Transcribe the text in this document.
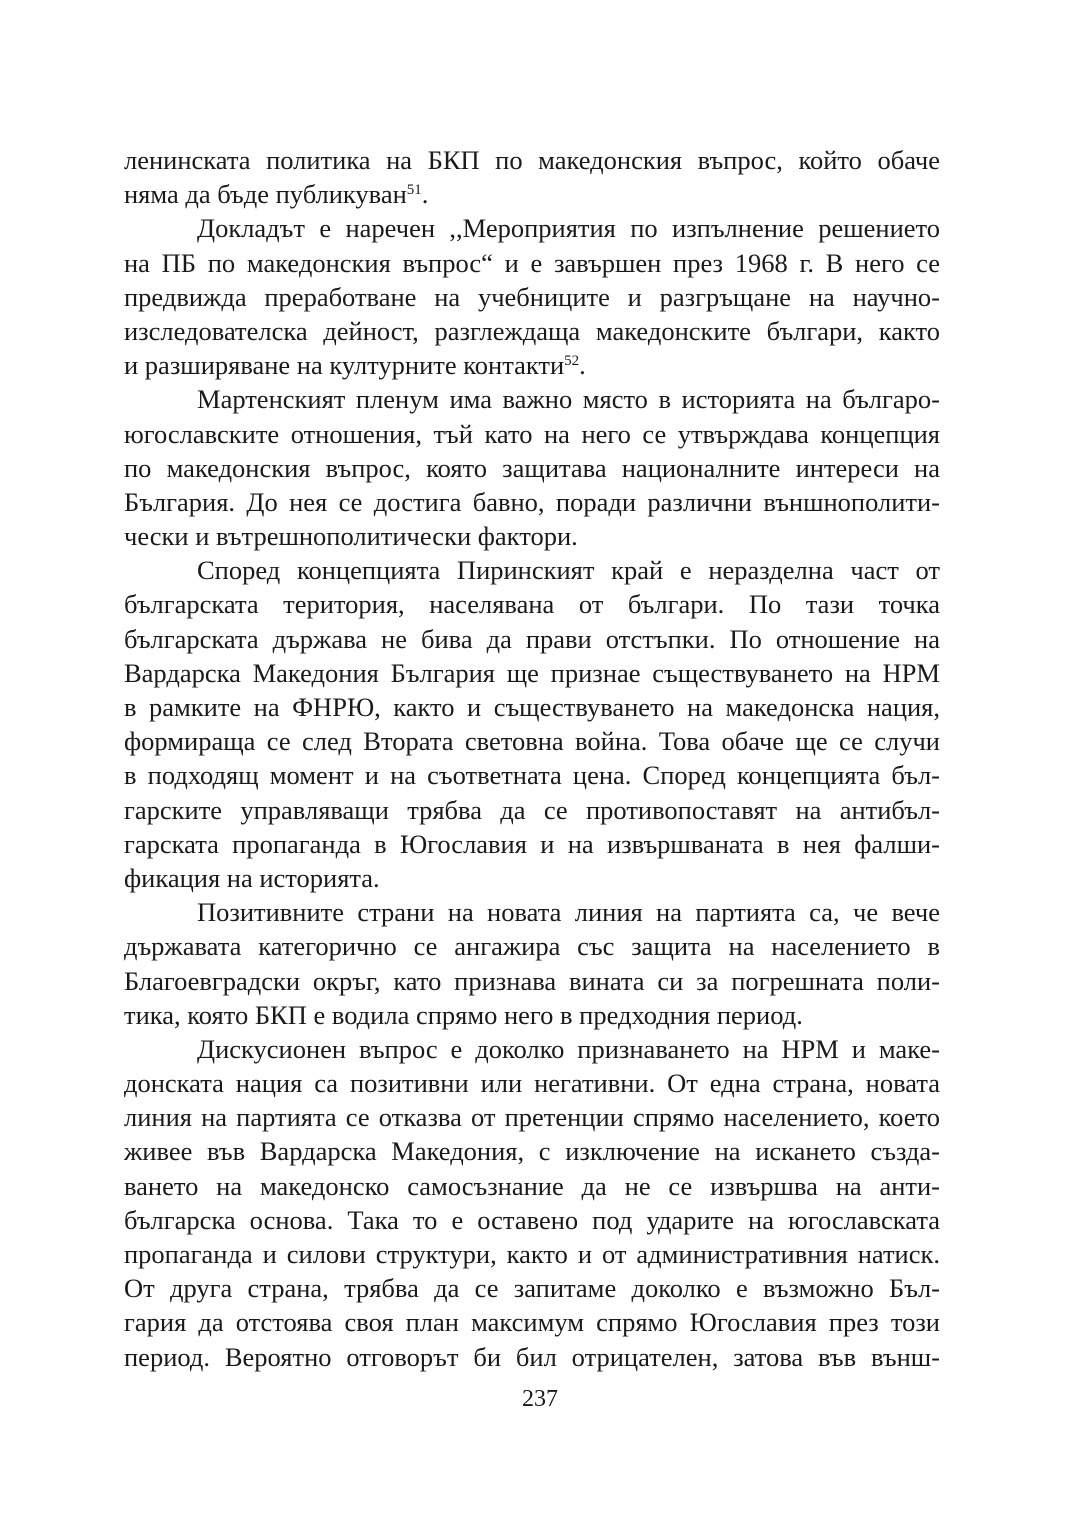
ленинската политика на БКП по македонския въпрос, който обаче
няма да бъде публикуван$^{51}$.
Докладът е наречен ,,Мероприятия по изпълнение решението
на ПБ по македонския въпрос“ и е завършен през 1968 г. В него се
предвижда преработване на учебниците и разгръщане на научно-
изследователска дейност, разглеждаща македонските българи, както
и разширяване на културните контакти$^{52}$.
Мартенският пленум има важно място в историята на българо-
югославските отношения, тъй като на него се утвърждава концепция
по македонския въпрос, която защитава националните интереси на
България. До нея се достига бавно, поради различни външнополити-
чески и вътрешнополитически фактори.
Според концепцията Пиринският край е неразделна част от
българската територия, населявана от българи. По тази точка
българската държава не бива да прави отстъпки. По отношение на
Вардарска Македония България ще признае съществуването на НРМ
в рамките на ФНРЮ, както и съществуването на македонска нация,
формираща се след Втората световна война. Това обаче ще се случи
в подходящ момент и на съответната цена. Според концепцията бъл-
гарските управляващи трябва да се противопоставят на антибъл-
гарската пропаганда в Югославия и на извършваната в нея фалши-
фикация на историята.
Позитивните страни на новата линия на партията са, че вече
държавата категорично се ангажира със защита на населението в
Благоевградски окръг, като признава вината си за погрешната поли-
тика, която БКП е водила спрямо него в предходния период.
Дискусионен въпрос е доколко признаването на НРМ и маке-
донската нация са позитивни или негативни. От една страна, новата
линия на партията се отказва от претенции спрямо населението, което
живее във Вардарска Македония, с изключение на искането създа-
ването на македонско самосъзнание да не се извършва на анти-
българска основа. Така то е оставено под ударите на югославската
пропаганда и силови структури, както и от административния натиск.
От друга страна, трябва да се запитаме доколко е възможно Бъл-
гария да отстоява своя план максимум спрямо Югославия през този
период. Вероятно отговорът би бил отрицателен, затова във външ-
237
